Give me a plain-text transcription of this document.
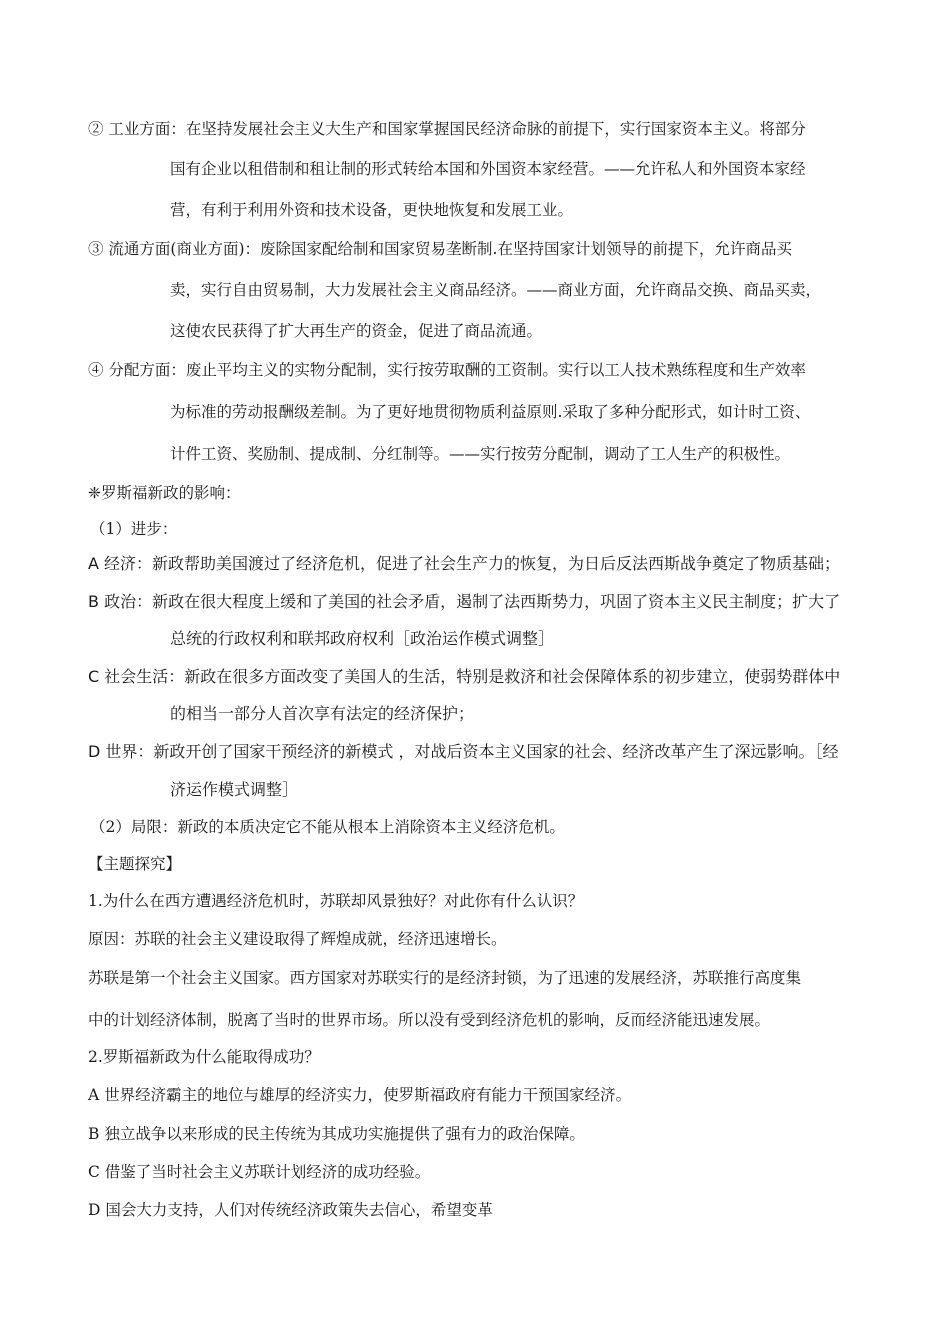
② 工业方面：在坚持发展社会主义大生产和国家掌握国民经济命脉的前提下，实行国家资本主义。将部分

国有企业以租借制和租让制的形式转给本国和外国资本家经营。——允许私人和外国资本家经

营，有利于利用外资和技术设备，更快地恢复和发展工业。

③ 流通方面(商业方面)：废除国家配给制和国家贸易垄断制.在坚持国家计划领导的前提下，允许商品买

卖，实行自由贸易制，大力发展社会主义商品经济。——商业方面，允许商品交换、商品买卖，

这使农民获得了扩大再生产的资金，促进了商品流通。

④ 分配方面：废止平均主义的实物分配制，实行按劳取酬的工资制。实行以工人技术熟练程度和生产效率

为标准的劳动报酬级差制。为了更好地贯彻物质利益原则.采取了多种分配形式，如计时工资、

计件工资、奖励制、提成制、分红制等。——实行按劳分配制，调动了工人生产的积极性。

❈罗斯福新政的影响：

（1）进步：

A 经济：新政帮助美国渡过了经济危机，促进了社会生产力的恢复，为日后反法西斯战争奠定了物质基础；

B 政治：新政在很大程度上缓和了美国的社会矛盾，遏制了法西斯势力，巩固了资本主义民主制度；扩大了

总统的行政权利和联邦政府权利［政治运作模式调整］

C 社会生活：新政在很多方面改变了美国人的生活，特别是救济和社会保障体系的初步建立，使弱势群体中

的相当一部分人首次享有法定的经济保护；

D 世界：新政开创了国家干预经济的新模式 ，对战后资本主义国家的社会、经济改革产生了深远影响。［经

济运作模式调整］

（2）局限：新政的本质决定它不能从根本上消除资本主义经济危机。

【主题探究】

1.为什么在西方遭遇经济危机时，苏联却风景独好？对此你有什么认识？

原因：苏联的社会主义建设取得了辉煌成就，经济迅速增长。

苏联是第一个社会主义国家。西方国家对苏联实行的是经济封锁，为了迅速的发展经济，苏联推行高度集

中的计划经济体制，脱离了当时的世界市场。所以没有受到经济危机的影响，反而经济能迅速发展。

2.罗斯福新政为什么能取得成功？

A 世界经济霸主的地位与雄厚的经济实力，使罗斯福政府有能力干预国家经济。

B 独立战争以来形成的民主传统为其成功实施提供了强有力的政治保障。

C 借鉴了当时社会主义苏联计划经济的成功经验。

D 国会大力支持，人们对传统经济政策失去信心，希望变革
